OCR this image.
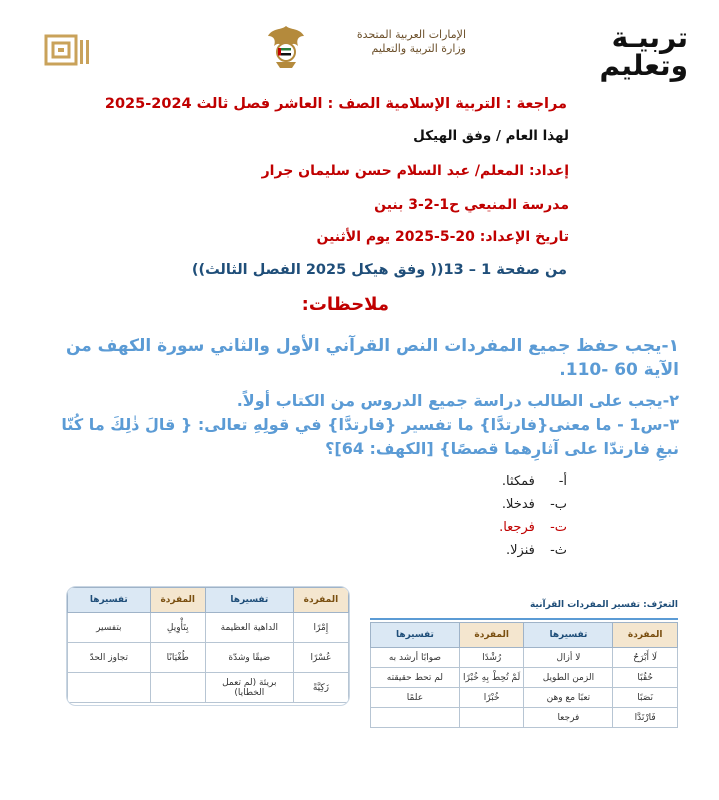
تربيـة
وتعليم
الإمارات العربية المتحدة
وزارة التربية والتعليم
مراجعة : التربية الإسلامية الصف : العاشر فصل ثالث 2024-2025
لهذا العام / وفق الهيكل
إعداد: المعلم/ عبد السلام حسن سليمان جرار
مدرسة المنيعي ح1-2-3 بنين
تاريخ الإعداد: 20-5-2025 يوم الأثنين
من صفحة 1 – 13(( وفق هيكل 2025 الفصل الثالث))
ملاحظات:
١-يجب حفظ جميع المفردات النص القرآني الأول والثاني سورة الكهف من الآية 60 -110.
٢-يجب على الطالب دراسة جميع الدروس من الكتاب أولاً.
٣-س1 - ما معنى{فارتدَّا} ما تفسير {فارتدَّا} في قولِهِ تعالى: { قالَ ذٰلِكَ ما كُنّا نبغِ فارتدّا على آثارِهما قصصًا} [الكهف: 64]؟
أ- فمكثا.
ب- فدخلا.
ت- فرجعا.
ث- فنزلا.
تفسيرها	المفردة	تفسيرها	المفردة
بتفسير	بِتَأْوِيلِ	الداهية العظيمة	إِمْرًا
تجاوز الحدّ	طُغْيَانًا	ضيقًا وشدّة	عُسْرًا
		بريئة (لم تعمل الخطايا)	زَكِيَّةً
التعرّف: تفسير المفردات القرآنية
تفسيرها	المفردة	تفسيرها	المفردة
صوابًا أرشد به	رُشْدًا	لا أزال	لَا أَبْرَحُ
لم تحط حقيقته	لَمْ تُحِطْ بِهِ خُبْرًا	الزمن الطويل	حُقُبًا
علمًا	خُبْرًا	تعبًا مع وهن	نَصَبًا
		فرجعا	فَارْتَدَّا
